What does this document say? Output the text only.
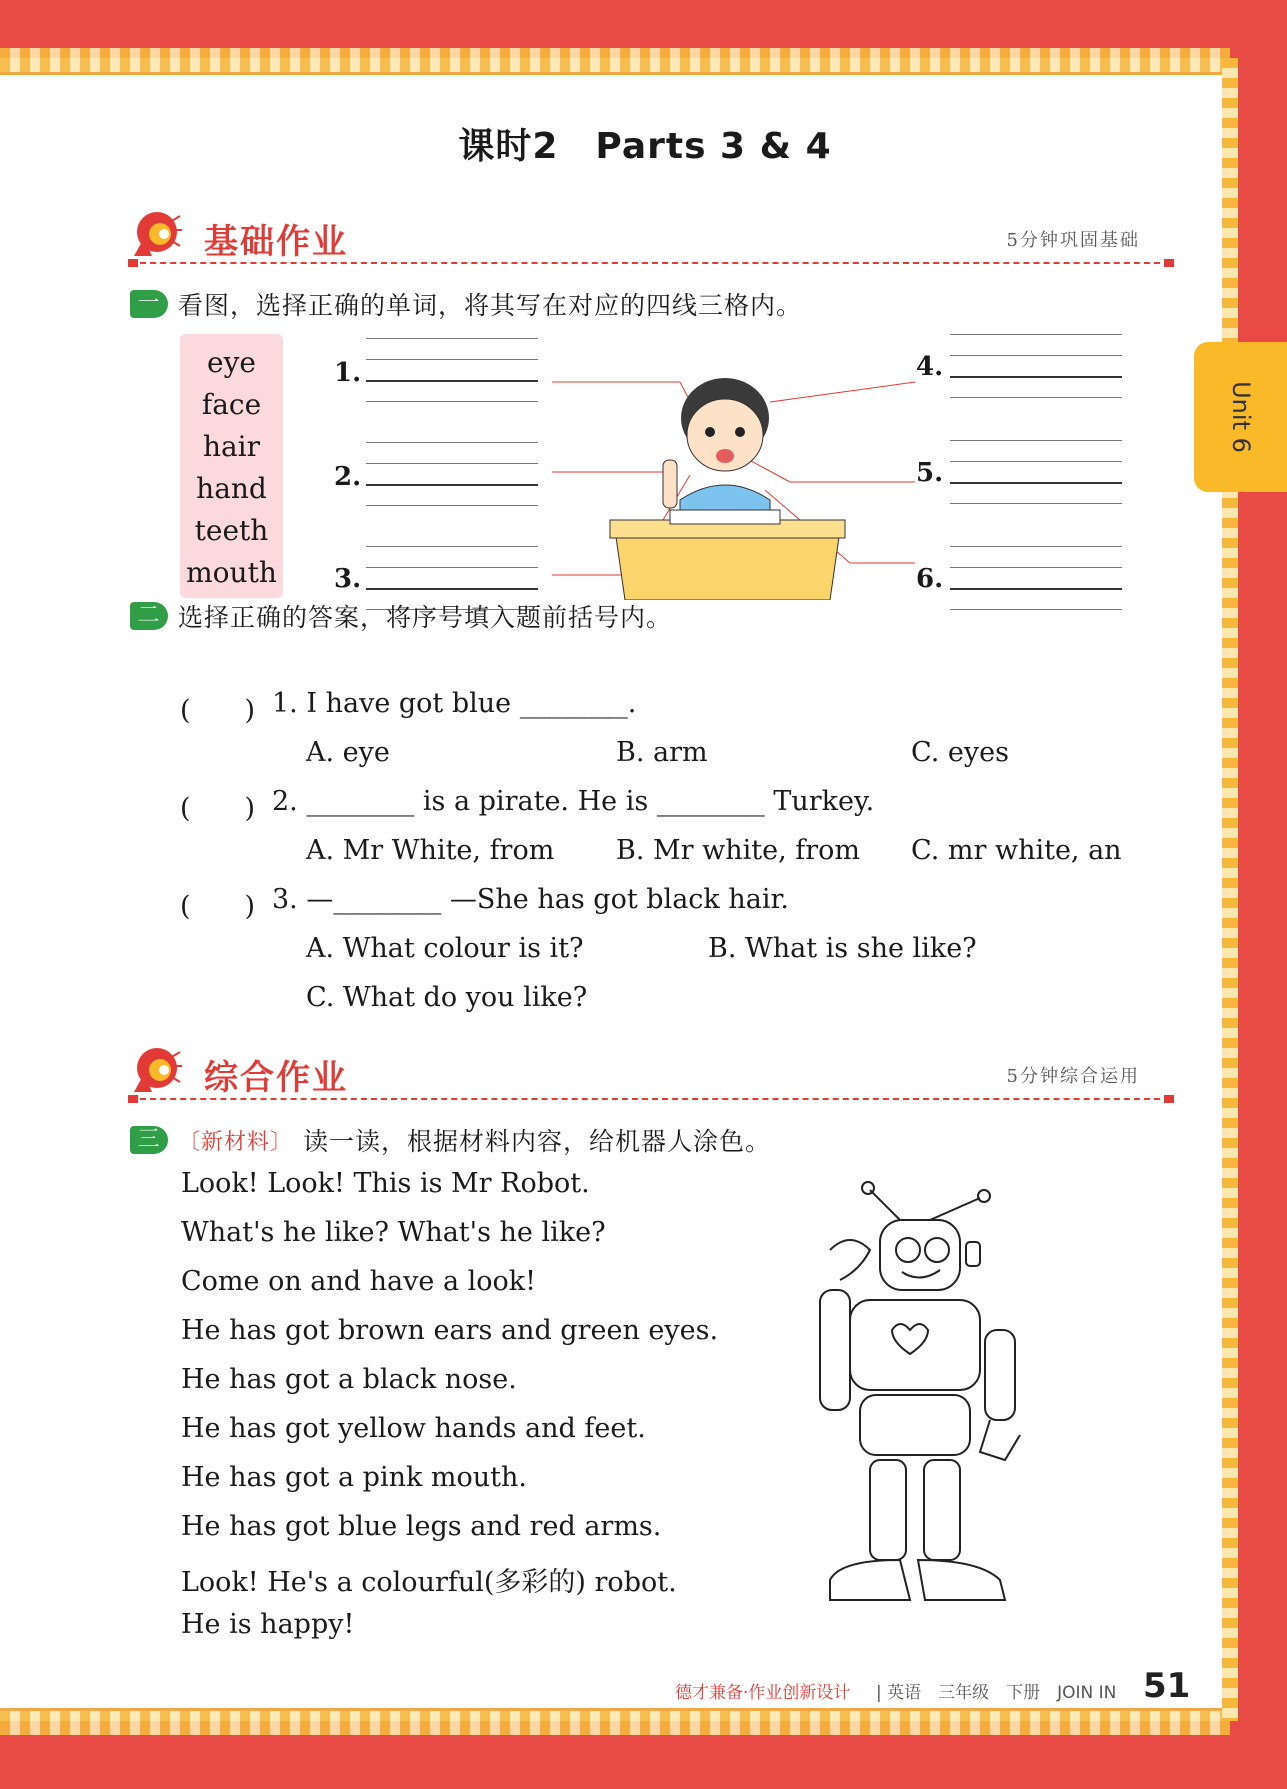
Unit 6
课时2　Parts 3 & 4
基础作业	5分钟巩固基础
一 看图，选择正确的单词，将其写在对应的四线三格内。
eye
face
hair
hand
teeth
mouth
1.
2.
3.
4.
5.
6.
二 选择正确的答案，将序号填入题前括号内。
(　　) 1. I have got blue ________.
A. eye	B. arm	C. eyes
(　　) 2. ________ is a pirate. He is ________ Turkey.
A. Mr White, from B. Mr white, from C. mr white, an
(　　) 3. —________ —She has got black hair.
A. What colour is it?	B. What is she like?
C. What do you like?
综合作业	5分钟综合运用
三 〔新材料〕 读一读，根据材料内容，给机器人涂色。
Look! Look! This is Mr Robot.
What's he like? What's he like?
Come on and have a look!
He has got brown ears and green eyes.
He has got a black nose.
He has got yellow hands and feet.
He has got a pink mouth.
He has got blue legs and red arms.
Look! He's a colourful(多彩的) robot.
He is happy!
德才兼备·作业创新设计 | 英语　三年级　下册　JOIN IN 51
